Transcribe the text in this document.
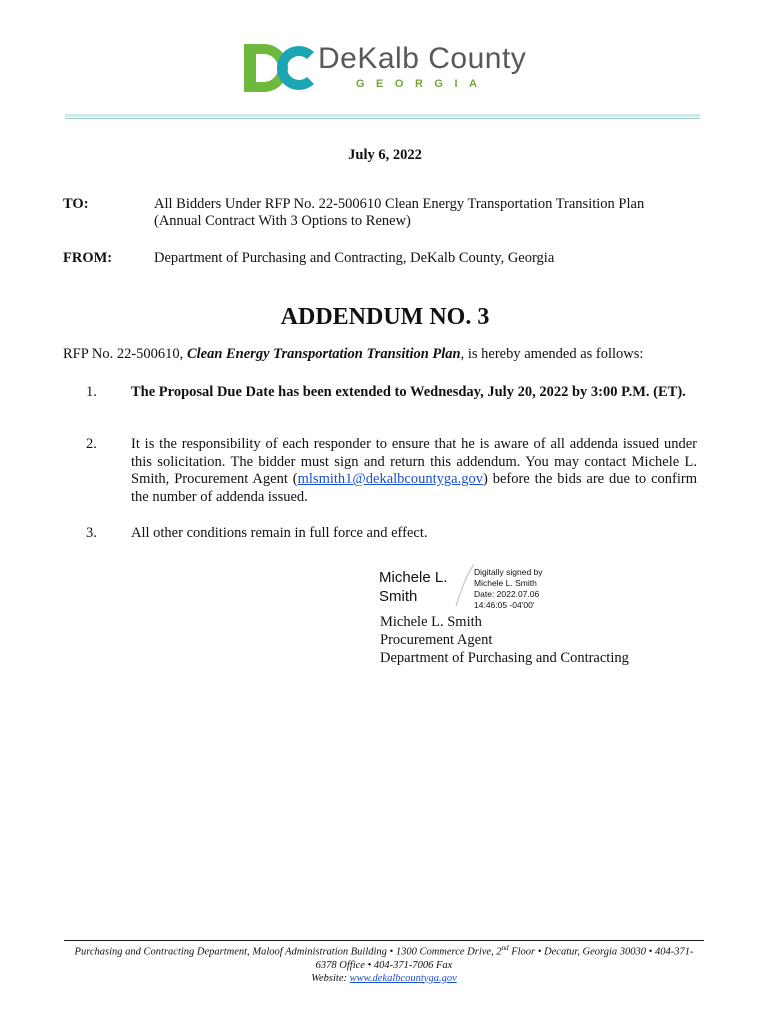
DeKalb County
GEORGIA
July 6, 2022
TO:	All Bidders Under RFP No. 22-500610 Clean Energy Transportation Transition Plan
(Annual Contract With 3 Options to Renew)
FROM:	Department of Purchasing and Contracting, DeKalb County, Georgia
ADDENDUM NO. 3
RFP No. 22-500610, Clean Energy Transportation Transition Plan, is hereby amended as follows:
1. The Proposal Due Date has been extended to Wednesday, July 20, 2022 by 3:00 P.M. (ET).
2. It is the responsibility of each responder to ensure that he is aware of all addenda issued under this solicitation. The bidder must sign and return this addendum. You may contact Michele L. Smith, Procurement Agent (mlsmith1@dekalbcountyga.gov) before the bids are due to confirm the number of addenda issued.
3. All other conditions remain in full force and effect.
Michele L.
Smith
Digitally signed by
Michele L. Smith
Date: 2022.07.06
14:46:05 -04'00'
Michele L. Smith
Procurement Agent
Department of Purchasing and Contracting
Purchasing and Contracting Department, Maloof Administration Building • 1300 Commerce Drive, 2nd Floor • Decatur, Georgia 30030 • 404-371-
6378 Office • 404-371-7006 Fax
Website: www.dekalbcountyga.gov
